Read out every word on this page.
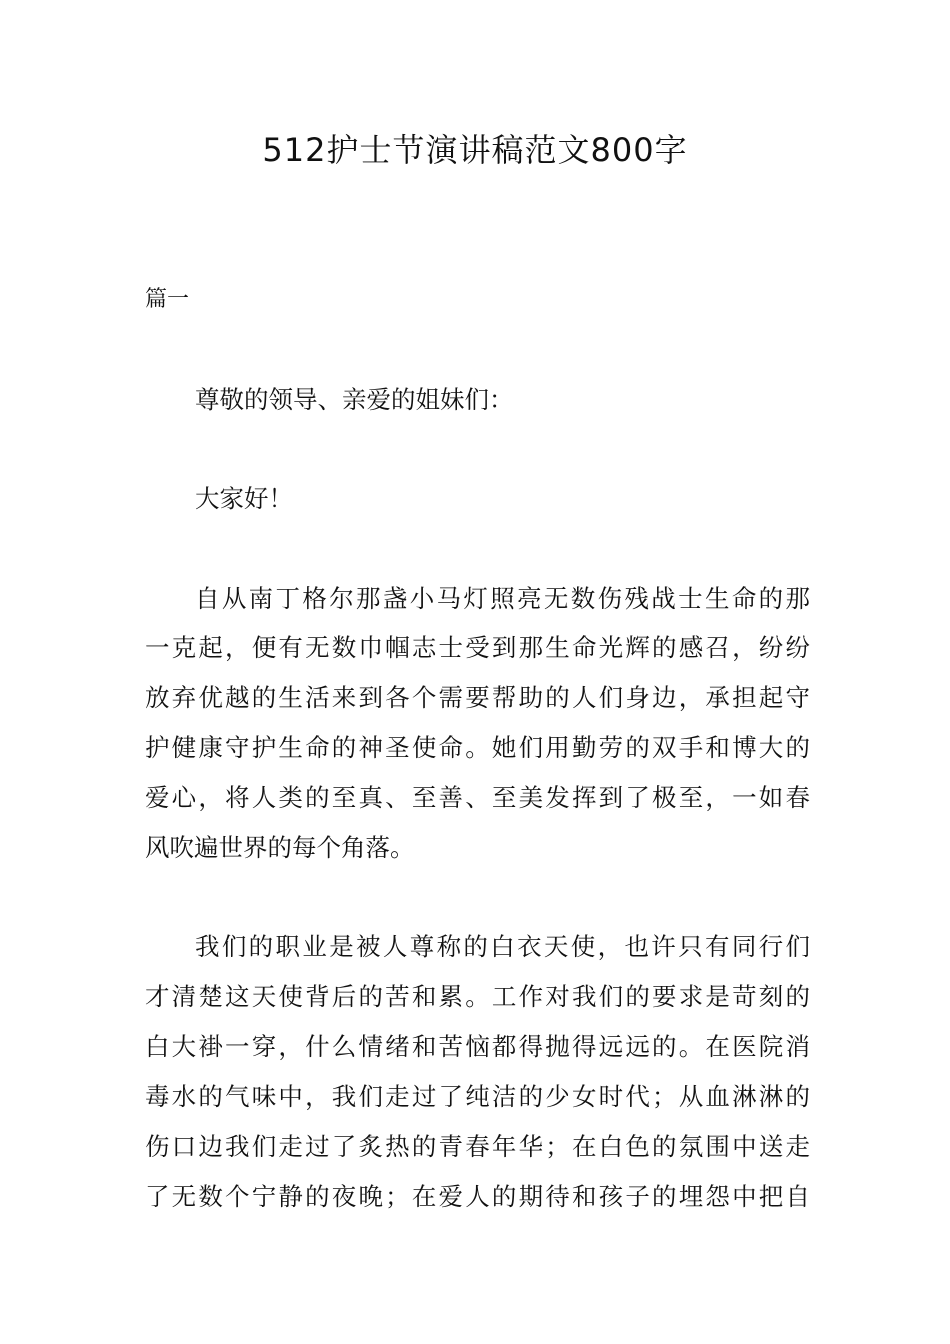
512护士节演讲稿范文800字

篇一

尊敬的领导、亲爱的姐妹们：

大家好！

自从南丁格尔那盏小马灯照亮无数伤残战士生命的那

一克起，便有无数巾帼志士受到那生命光辉的感召，纷纷

放弃优越的生活来到各个需要帮助的人们身边，承担起守

护健康守护生命的神圣使命。她们用勤劳的双手和博大的

爱心，将人类的至真、至善、至美发挥到了极至，一如春

风吹遍世界的每个角落。

我们的职业是被人尊称的白衣天使，也许只有同行们

才清楚这天使背后的苦和累。工作对我们的要求是苛刻的

白大褂一穿，什么情绪和苦恼都得抛得远远的。在医院消

毒水的气味中，我们走过了纯洁的少女时代；从血淋淋的

伤口边我们走过了炙热的青春年华；在白色的氛围中送走

了无数个宁静的夜晚；在爱人的期待和孩子的埋怨中把自
